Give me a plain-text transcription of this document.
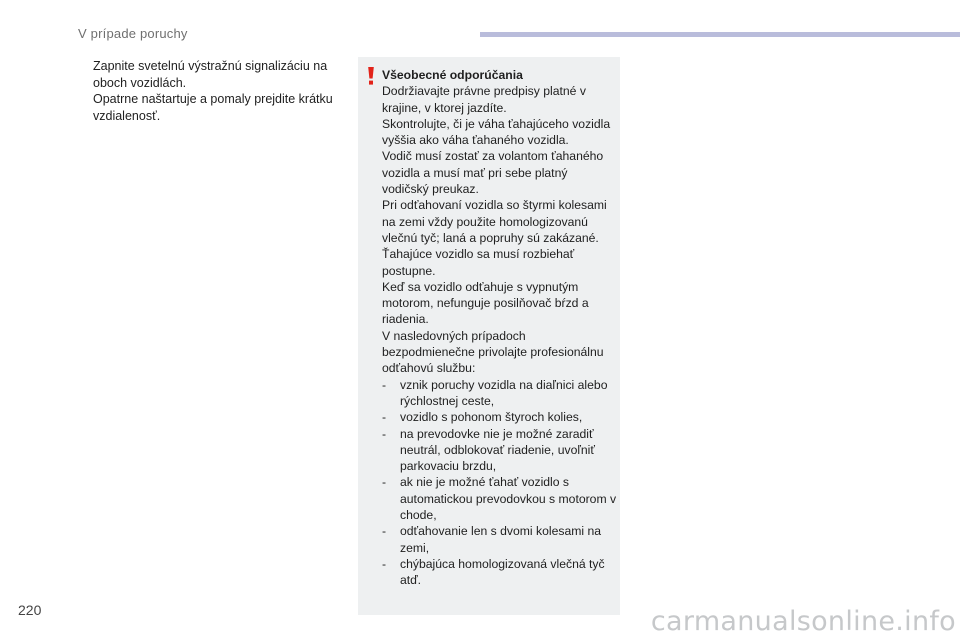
V prípade poruchy
Zapnite svetelnú výstražnú signalizáciu na oboch vozidlách.
Opatrne naštartuje a pomaly prejdite krátku vzdialenosť.
Všeobecné odporúčania

Dodržiavajte právne predpisy platné v krajine, v ktorej jazdíte.

Skontrolujte, či je váha ťahajúceho vozidla vyššia ako váha ťahaného vozidla.

Vodič musí zostať za volantom ťahaného vozidla a musí mať pri sebe platný vodičský preukaz.

Pri odťahovaní vozidla so štyrmi kolesami na zemi vždy použite homologizovanú vlečnú tyč; laná a popruhy sú zakázané.

Ťahajúce vozidlo sa musí rozbiehať postupne.

Keď sa vozidlo odťahuje s vypnutým motorom, nefunguje posilňovač bŕzd a riadenia.

V nasledovných prípadoch bezpodmienečne privolajte profesionálnu odťahovú službu:

- vznik poruchy vozidla na diaľnici alebo rýchlostnej ceste,
- vozidlo s pohonom štyroch kolies,
- na prevodovke nie je možné zaradiť neutrál, odblokovať riadenie, uvoľniť parkovaciu brzdu,
- ak nie je možné ťahať vozidlo s automatickou prevodovkou s motorom v chode,
- odťahovanie len s dvomi kolesami na zemi,
- chýbajúca homologizovaná vlečná tyč atď.
220	carmanualsonline.info
